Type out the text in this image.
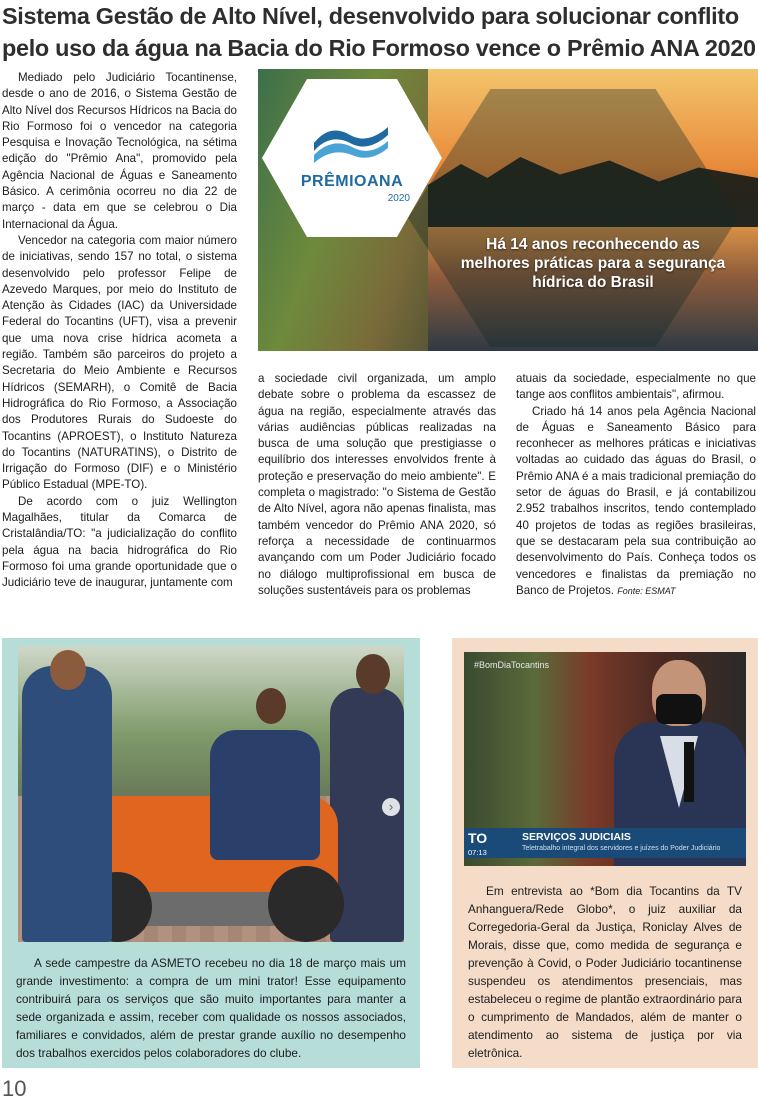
Sistema Gestão de Alto Nível, desenvolvido para solucionar conflito pelo uso da água na Bacia do Rio Formoso vence o Prêmio ANA 2020
PRÊMIOANA
2020
Há 14 anos reconhecendo as melhores práticas para a segurança hídrica do Brasil

Mediado pelo Judiciário Tocantinense, desde o ano de 2016, o Sistema Gestão de Alto Nível dos Recursos Hídricos na Bacia do Rio Formoso foi o vencedor na categoria Pesquisa e Inovação Tecnológica, na sétima edição do "Prêmio Ana", promovido pela Agência Nacional de Águas e Saneamento Básico. A cerimônia ocorreu no dia 22 de março - data em que se celebrou o Dia Internacional da Água.

Vencedor na categoria com maior número de iniciativas, sendo 157 no total, o sistema desenvolvido pelo professor Felipe de Azevedo Marques, por meio do Instituto de Atenção às Cidades (IAC) da Universidade Federal do Tocantins (UFT), visa a prevenir que uma nova crise hídrica acometa a região. Também são parceiros do projeto a Secretaria do Meio Ambiente e Recursos Hídricos (SEMARH), o Comitê de Bacia Hidrográfica do Rio Formoso, a Associação dos Produtores Rurais do Sudoeste do Tocantins (APROEST), o Instituto Natureza do Tocantins (NATURATINS), o Distrito de Irrigação do Formoso (DIF) e o Ministério Público Estadual (MPE-TO).

De acordo com o juiz Wellington Magalhães, titular da Comarca de Cristalândia/TO: "a judicialização do conflito pela água na bacia hidrográfica do Rio Formoso foi uma grande oportunidade que o Judiciário teve de inaugurar, juntamente com

a sociedade civil organizada, um amplo debate sobre o problema da escassez de água na região, especialmente através das várias audiências públicas realizadas na busca de uma solução que prestigiasse o equilíbrio dos interesses envolvidos frente à proteção e preservação do meio ambiente". E completa o magistrado: "o Sistema de Gestão de Alto Nível, agora não apenas finalista, mas também vencedor do Prêmio ANA 2020, só reforça a necessidade de continuarmos avançando com um Poder Judiciário focado no diálogo multiprofissional em busca de soluções sustentáveis para os problemas

atuais da sociedade, especialmente no que tange aos conflitos ambientais", afirmou.

Criado há 14 anos pela Agência Nacional de Águas e Saneamento Básico para reconhecer as melhores práticas e iniciativas voltadas ao cuidado das águas do Brasil, o Prêmio ANA é a mais tradicional premiação do setor de águas do Brasil, e já contabilizou 2.952 trabalhos inscritos, tendo contemplado 40 projetos de todas as regiões brasileiras, que se destacaram pela sua contribuição ao desenvolvimento do País. Conheça todos os vencedores e finalistas da premiação no Banco de Projetos. Fonte: ESMAT

›

A sede campestre da ASMETO recebeu no dia 18 de março mais um grande investimento: a compra de um mini trator! Esse equipamento contribuirá para os serviços que são muito importantes para manter a sede organizada e assim, receber com qualidade os nossos associados, familiares e convidados, além de prestar grande auxílio no desempenho dos trabalhos exercidos pelos colaboradores do clube.

#BomDiaTocantins
TO
07:13
SERVIÇOS JUDICIAIS
Teletrabalho integral dos servidores e juízes do Poder Judiciário

Em entrevista ao *Bom dia Tocantins da TV Anhanguera/Rede Globo*, o juiz auxiliar da Corregedoria-Geral da Justiça, Roniclay Alves de Morais, disse que, como medida de segurança e prevenção à Covid, o Poder Judiciário tocantinense suspendeu os atendimentos presenciais, mas estabeleceu o regime de plantão extraordinário para o cumprimento de Mandados, além de manter o atendimento ao sistema de justiça por via eletrônica.

10
